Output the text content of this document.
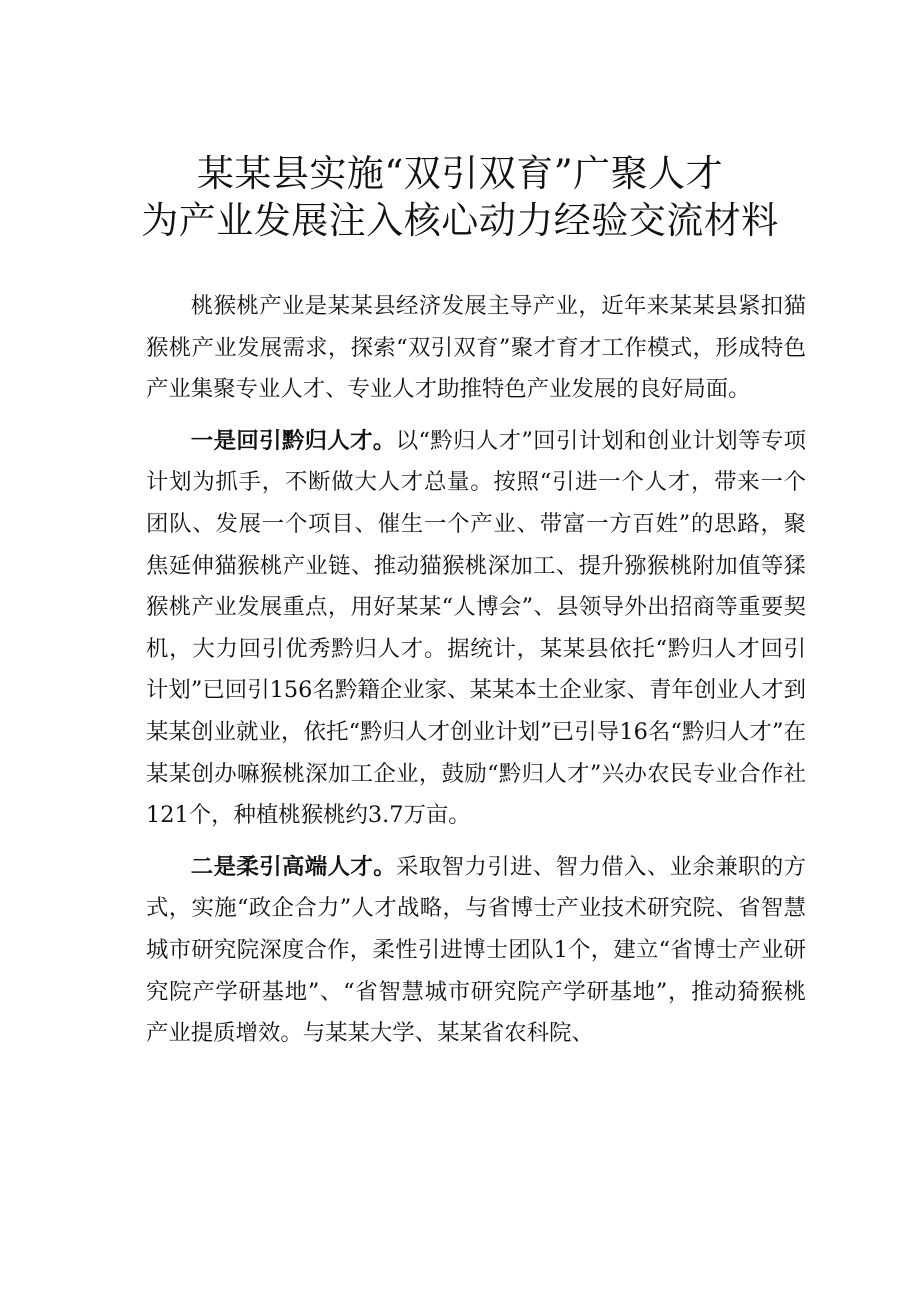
某某县实施“双引双育”广聚人才
为产业发展注入核心动力经验交流材料

桃猴桃产业是某某县经济发展主导产业，近年来某某县紧扣猫猴桃产业发展需求，探索“双引双育”聚才育才工作模式，形成特色产业集聚专业人才、专业人才助推特色产业发展的良好局面。

一是回引黔归人才。以“黔归人才”回引计划和创业计划等专项计划为抓手，不断做大人才总量。按照“引进一个人才，带来一个团队、发展一个项目、催生一个产业、带富一方百姓”的思路，聚焦延伸猫猴桃产业链、推动猫猴桃深加工、提升猕猴桃附加值等猱猴桃产业发展重点，用好某某“人博会”、县领导外出招商等重要契机，大力回引优秀黔归人才。据统计，某某县依托“黔归人才回引计划”已回引156名黔籍企业家、某某本土企业家、青年创业人才到某某创业就业，依托“黔归人才创业计划”已引导16名“黔归人才”在某某创办嘛猴桃深加工企业，鼓励“黔归人才”兴办农民专业合作社121个，种植桃猴桃约3.7万亩。

二是柔引高端人才。采取智力引进、智力借入、业余兼职的方式，实施“政企合力”人才战略，与省博士产业技术研究院、省智慧城市研究院深度合作，柔性引进博士团队1个，建立“省博士产业研究院产学研基地”、“省智慧城市研究院产学研基地”，推动猗猴桃产业提质增效。与某某大学、某某省农科院、
